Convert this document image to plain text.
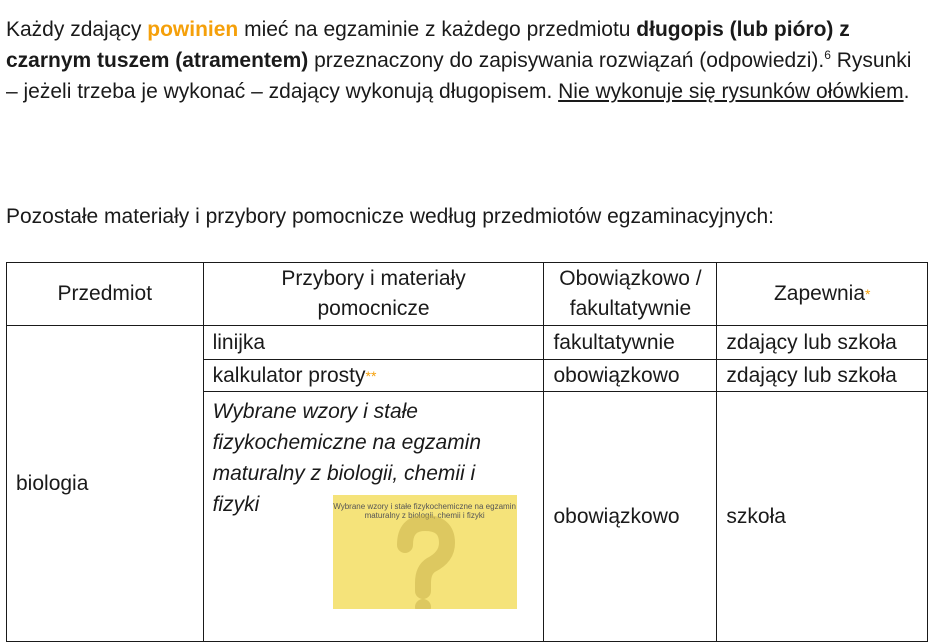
Każdy zdający powinien mieć na egzaminie z każdego przedmiotu długopis (lub pióro) z czarnym tuszem (atramentem) przeznaczony do zapisywania rozwiązań (odpowiedzi).$^6$ Rysunki – jeżeli trzeba je wykonać – zdający wykonują długopisem. Nie wykonuje się rysunków ołówkiem.

Pozostałe materiały i przybory pomocnicze według przedmiotów egzaminacyjnych:

Przedmiot	Przybory i materiały pomocnicze	Obowiązkowo / fakultatywnie	Zapewnia*
biologia	linijka	fakultatywnie	zdający lub szkoła
	kalkulator prosty**	obowiązkowo	zdający lub szkoła

	Wybrane wzory i stałe fizykochemiczne na egzamin maturalny z biologii, chemii i fizyki Wybrane wzory i stałe fizykochemiczne na egzamin maturalny z biologii, chemii i fizyki	obowiązkowo	szkoła
